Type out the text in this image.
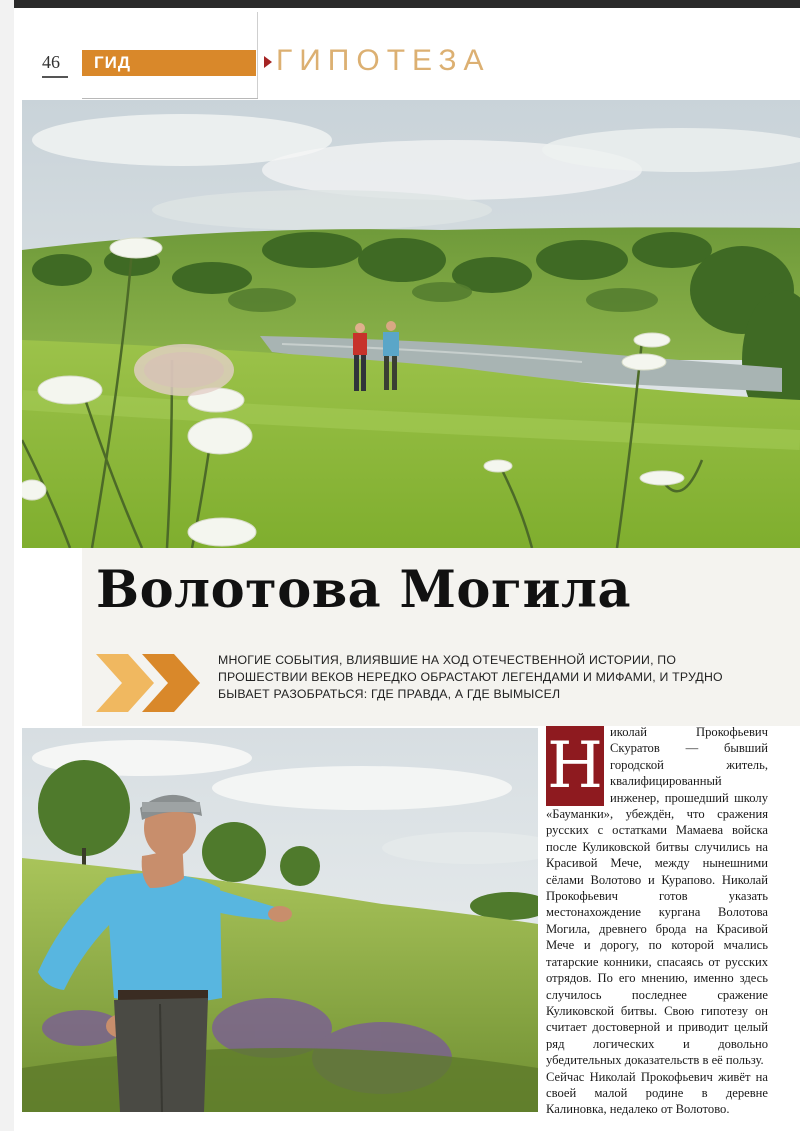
46 ГИД	ГИПОТЕЗА
Волотова Могила
МНОГИЕ СОБЫТИЯ, ВЛИЯВШИЕ НА ХОД ОТЕЧЕСТВЕННОЙ ИСТОРИИ, ПО ПРОШЕСТВИИ ВЕКОВ НЕРЕДКО ОБРАСТАЮТ ЛЕГЕНДАМИ И МИФАМИ, И ТРУДНО БЫВАЕТ РАЗОБРАТЬСЯ: ГДЕ ПРАВДА, А ГДЕ ВЫМЫСЕЛ
Н иколай Прокофьевич Скуратов — бывший городской житель, квалифицированный инженер, прошедший школу «Бауманки», убеждён, что сражения русских с остатками Мамаева войска после Куликовской битвы случились на Красивой Мече, между нынешними сёлами Волотово и Курапово. Николай Прокофьевич готов указать местонахождение кургана Волотова Могила, древнего брода на Красивой Мече и дорогу, по которой мчались татарские конники, спасаясь от русских отрядов. По его мнению, именно здесь случилось последнее сражение Куликовской битвы. Свою гипотезу он считает достоверной и приводит целый ряд логических и довольно убедительных доказательств в её пользу.

Сейчас Николай Прокофьевич живёт на своей малой родине в деревне Калиновка, недалеко от Волотово.
